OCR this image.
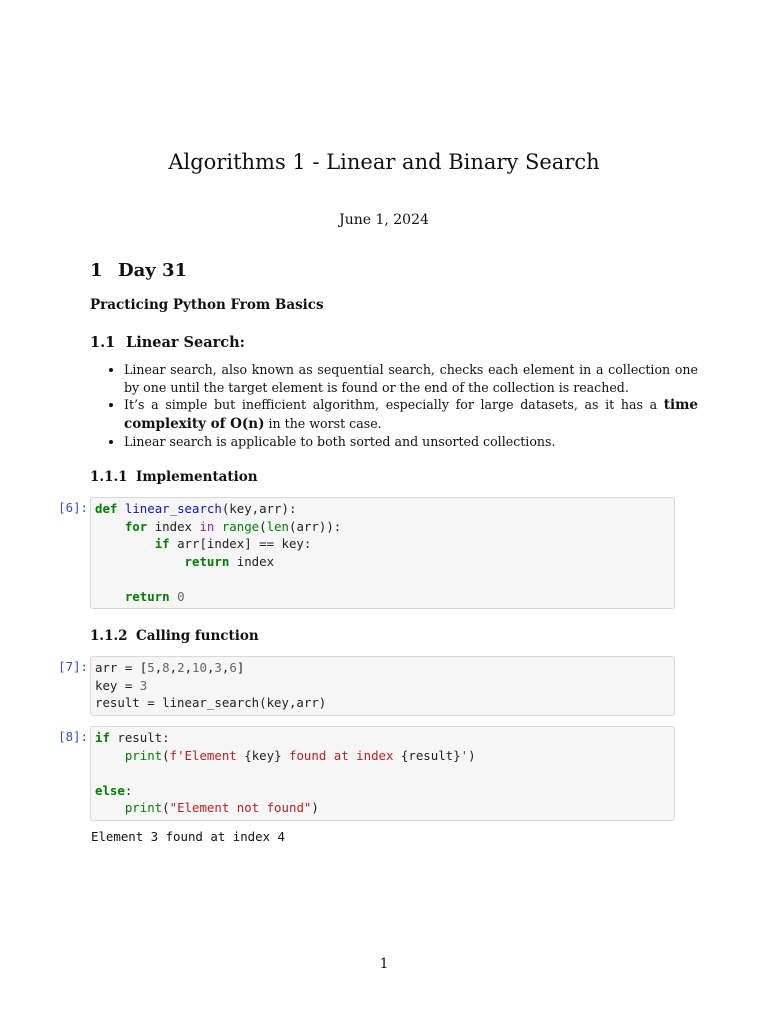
Algorithms 1 - Linear and Binary Search
June 1, 2024
1 Day 31
Practicing Python From Basics
1.1 Linear Search:
• Linear search, also known as sequential search, checks each element in a collection one by one until the target element is found or the end of the collection is reached.
• It’s a simple but inefficient algorithm, especially for large datasets, as it has a time complexity of O(n) in the worst case.
• Linear search is applicable to both sorted and unsorted collections.
1.1.1 Implementation
[6]: def linear_search(key,arr):
for index in range(len(arr)):
if arr[index] == key:
return index

return 0
1.1.2 Calling function
[7]: arr = [5,8,2,10,3,6]
key = 3
result = linear_search(key,arr)
[8]: if result:
print(f'Element {key} found at index {result}')

else:
print("Element not found")
Element 3 found at index 4
1
